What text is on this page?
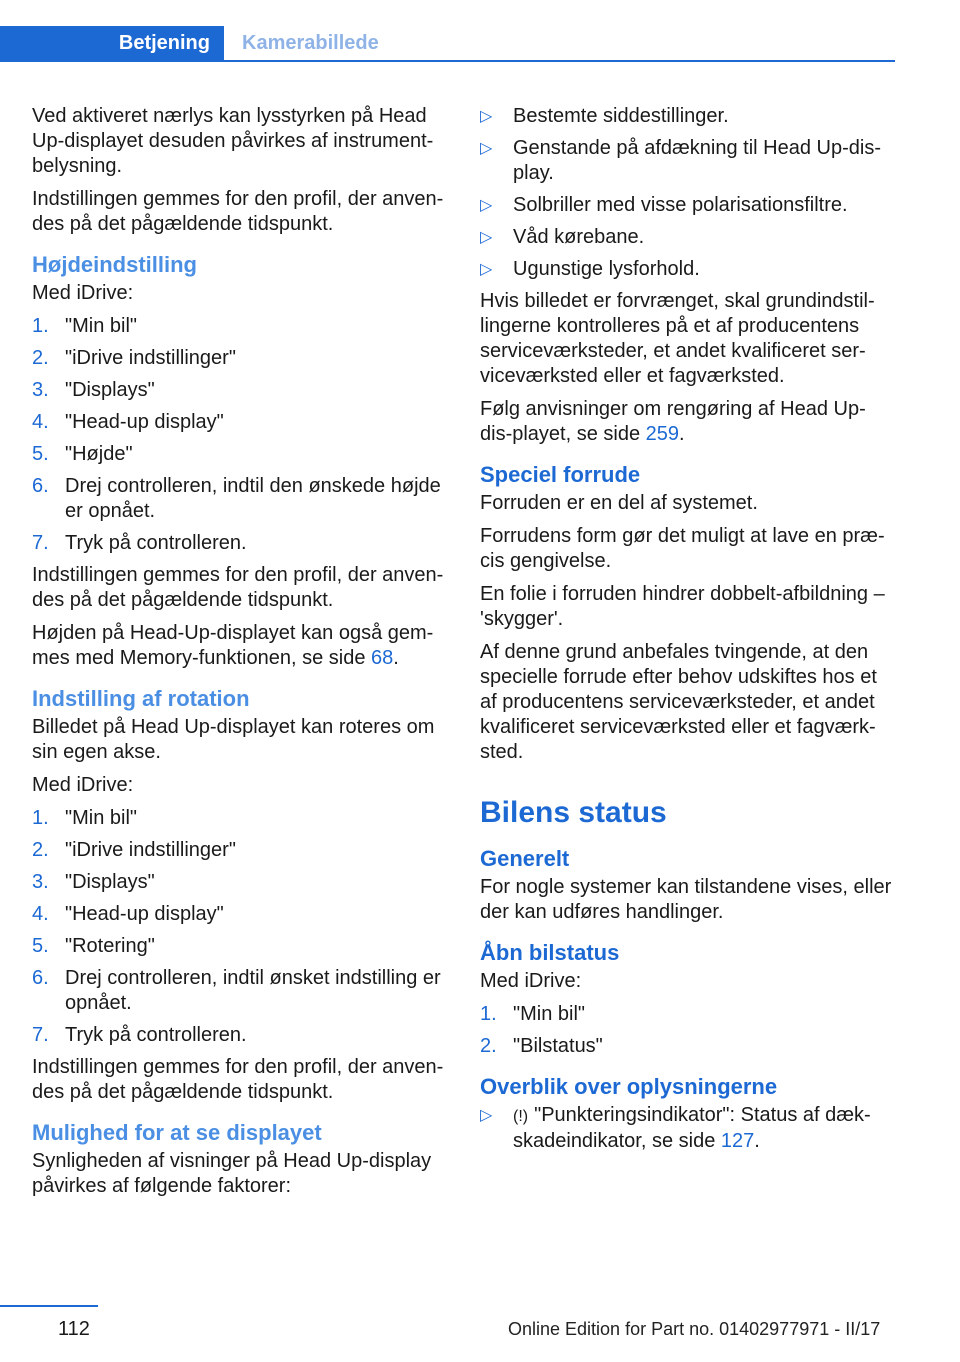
Betjening	Kamerabillede

Ved aktiveret nærlys kan lysstyrken på Head Up-displayet desuden påvirkes af instrument‐belysning.

Indstillingen gemmes for den profil, der anven‐des på det pågældende tidspunkt.

Højdeindstilling

Med iDrive:

1. "Min bil"
2. "iDrive indstillinger"
3. "Displays"
4. "Head-up display"
5. "Højde"
6. Drej controlleren, indtil den ønskede højde er opnået.
7. Tryk på controlleren.

Indstillingen gemmes for den profil, der anven‐des på det pågældende tidspunkt.

Højden på Head-Up-displayet kan også gem‐mes med Memory-funktionen, se side 68.

Indstilling af rotation

Billedet på Head Up-displayet kan roteres om sin egen akse.

Med iDrive:

1. "Min bil"
2. "iDrive indstillinger"
3. "Displays"
4. "Head-up display"
5. "Rotering"
6. Drej controlleren, indtil ønsket indstilling er opnået.
7. Tryk på controlleren.

Indstillingen gemmes for den profil, der anven‐des på det pågældende tidspunkt.

Mulighed for at se displayet

Synligheden af visninger på Head Up-display påvirkes af følgende faktorer:

▷ Bestemte siddestillinger.
▷ Genstande på afdækning til Head Up-dis‐play.
▷ Solbriller med visse polarisationsfiltre.
▷ Våd kørebane.
▷ Ugunstige lysforhold.

Hvis billedet er forvrænget, skal grundindstil‐lingerne kontrolleres på et af producentens serviceværksteder, et andet kvalificeret ser‐viceværksted eller et fagværksted.

Følg anvisninger om rengøring af Head Up-dis‐playet, se side 259.

Speciel forrude

Forruden er en del af systemet.

Forrudens form gør det muligt at lave en præ‐cis gengivelse.

En folie i forruden hindrer dobbelt-afbildning – 'skygger'.

Af denne grund anbefales tvingende, at den specielle forrude efter behov udskiftes hos et af producentens serviceværksteder, et andet kvalificeret serviceværksted eller et fagværk‐sted.

Bilens status
Generelt

For nogle systemer kan tilstandene vises, eller der kan udføres handlinger.

Åbn bilstatus

Med iDrive:

1. "Min bil"
2. "Bilstatus"
Overblik over oplysningerne
▷ (!) "Punkteringsindikator": Status af dæk‐skadeindikator, se side 127.
112	Online Edition for Part no. 01402977971 - II/17
